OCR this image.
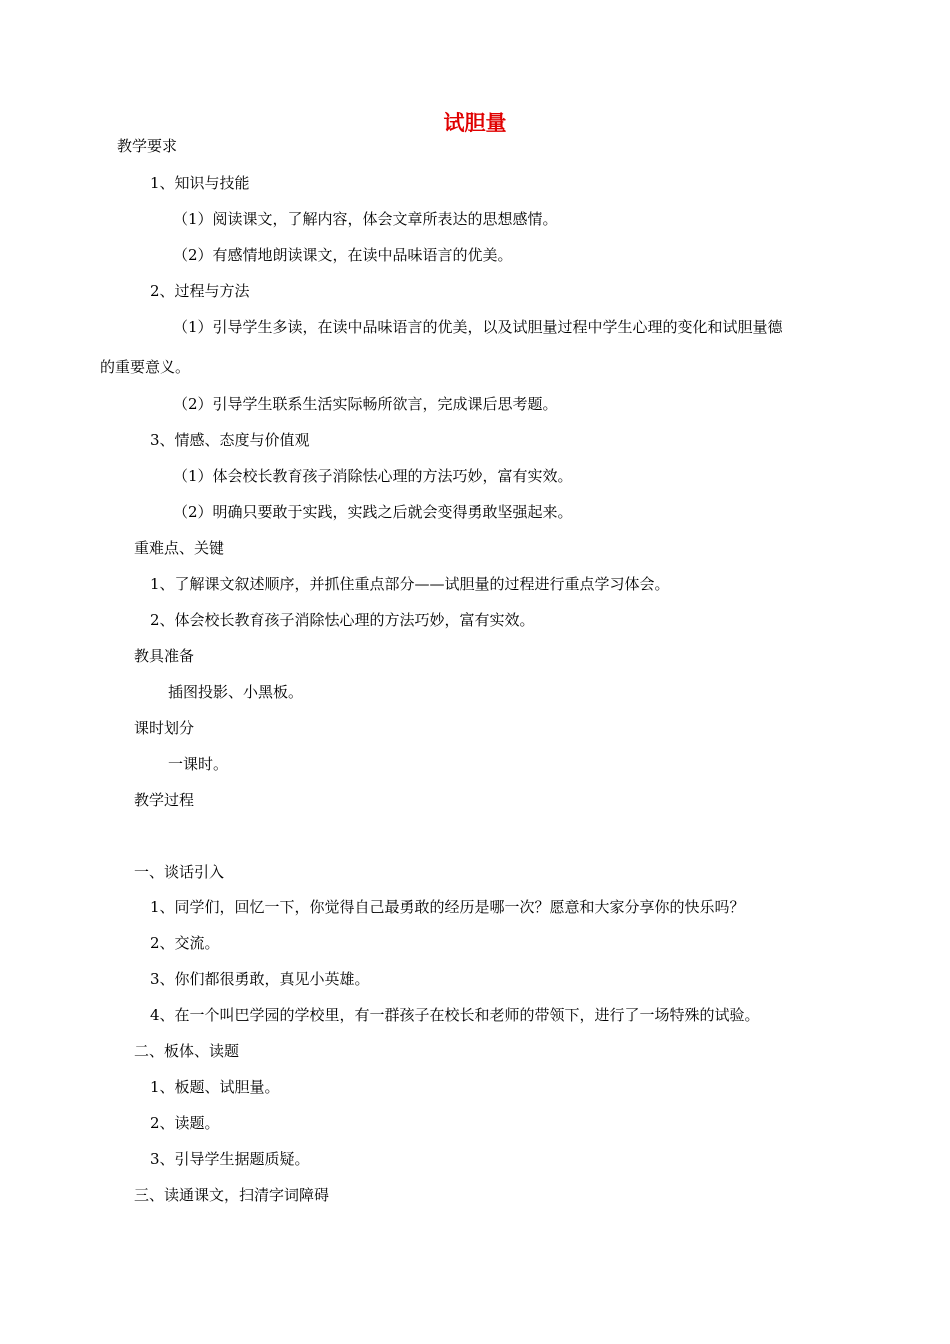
试胆量
教学要求
1、知识与技能
（1）阅读课文，了解内容，体会文章所表达的思想感情。
（2）有感情地朗读课文，在读中品味语言的优美。
2、过程与方法
（1）引导学生多读，在读中品味语言的优美，以及试胆量过程中学生心理的变化和试胆量德
的重要意义。
（2）引导学生联系生活实际畅所欲言，完成课后思考题。
3、情感、态度与价值观
（1）体会校长教育孩子消除怯心理的方法巧妙，富有实效。
（2）明确只要敢于实践，实践之后就会变得勇敢坚强起来。
重难点、关键
1、了解课文叙述顺序，并抓住重点部分——试胆量的过程进行重点学习体会。
2、体会校长教育孩子消除怯心理的方法巧妙，富有实效。
教具准备
插图投影、小黑板。
课时划分
一课时。
教学过程
一、谈话引入
1、同学们，回忆一下，你觉得自己最勇敢的经历是哪一次？愿意和大家分享你的快乐吗？
2、交流。
3、你们都很勇敢，真见小英雄。
4、在一个叫巴学园的学校里，有一群孩子在校长和老师的带领下，进行了一场特殊的试验。
二、板体、读题
1、板题、试胆量。
2、读题。
3、引导学生据题质疑。
三、读通课文，扫清字词障碍
